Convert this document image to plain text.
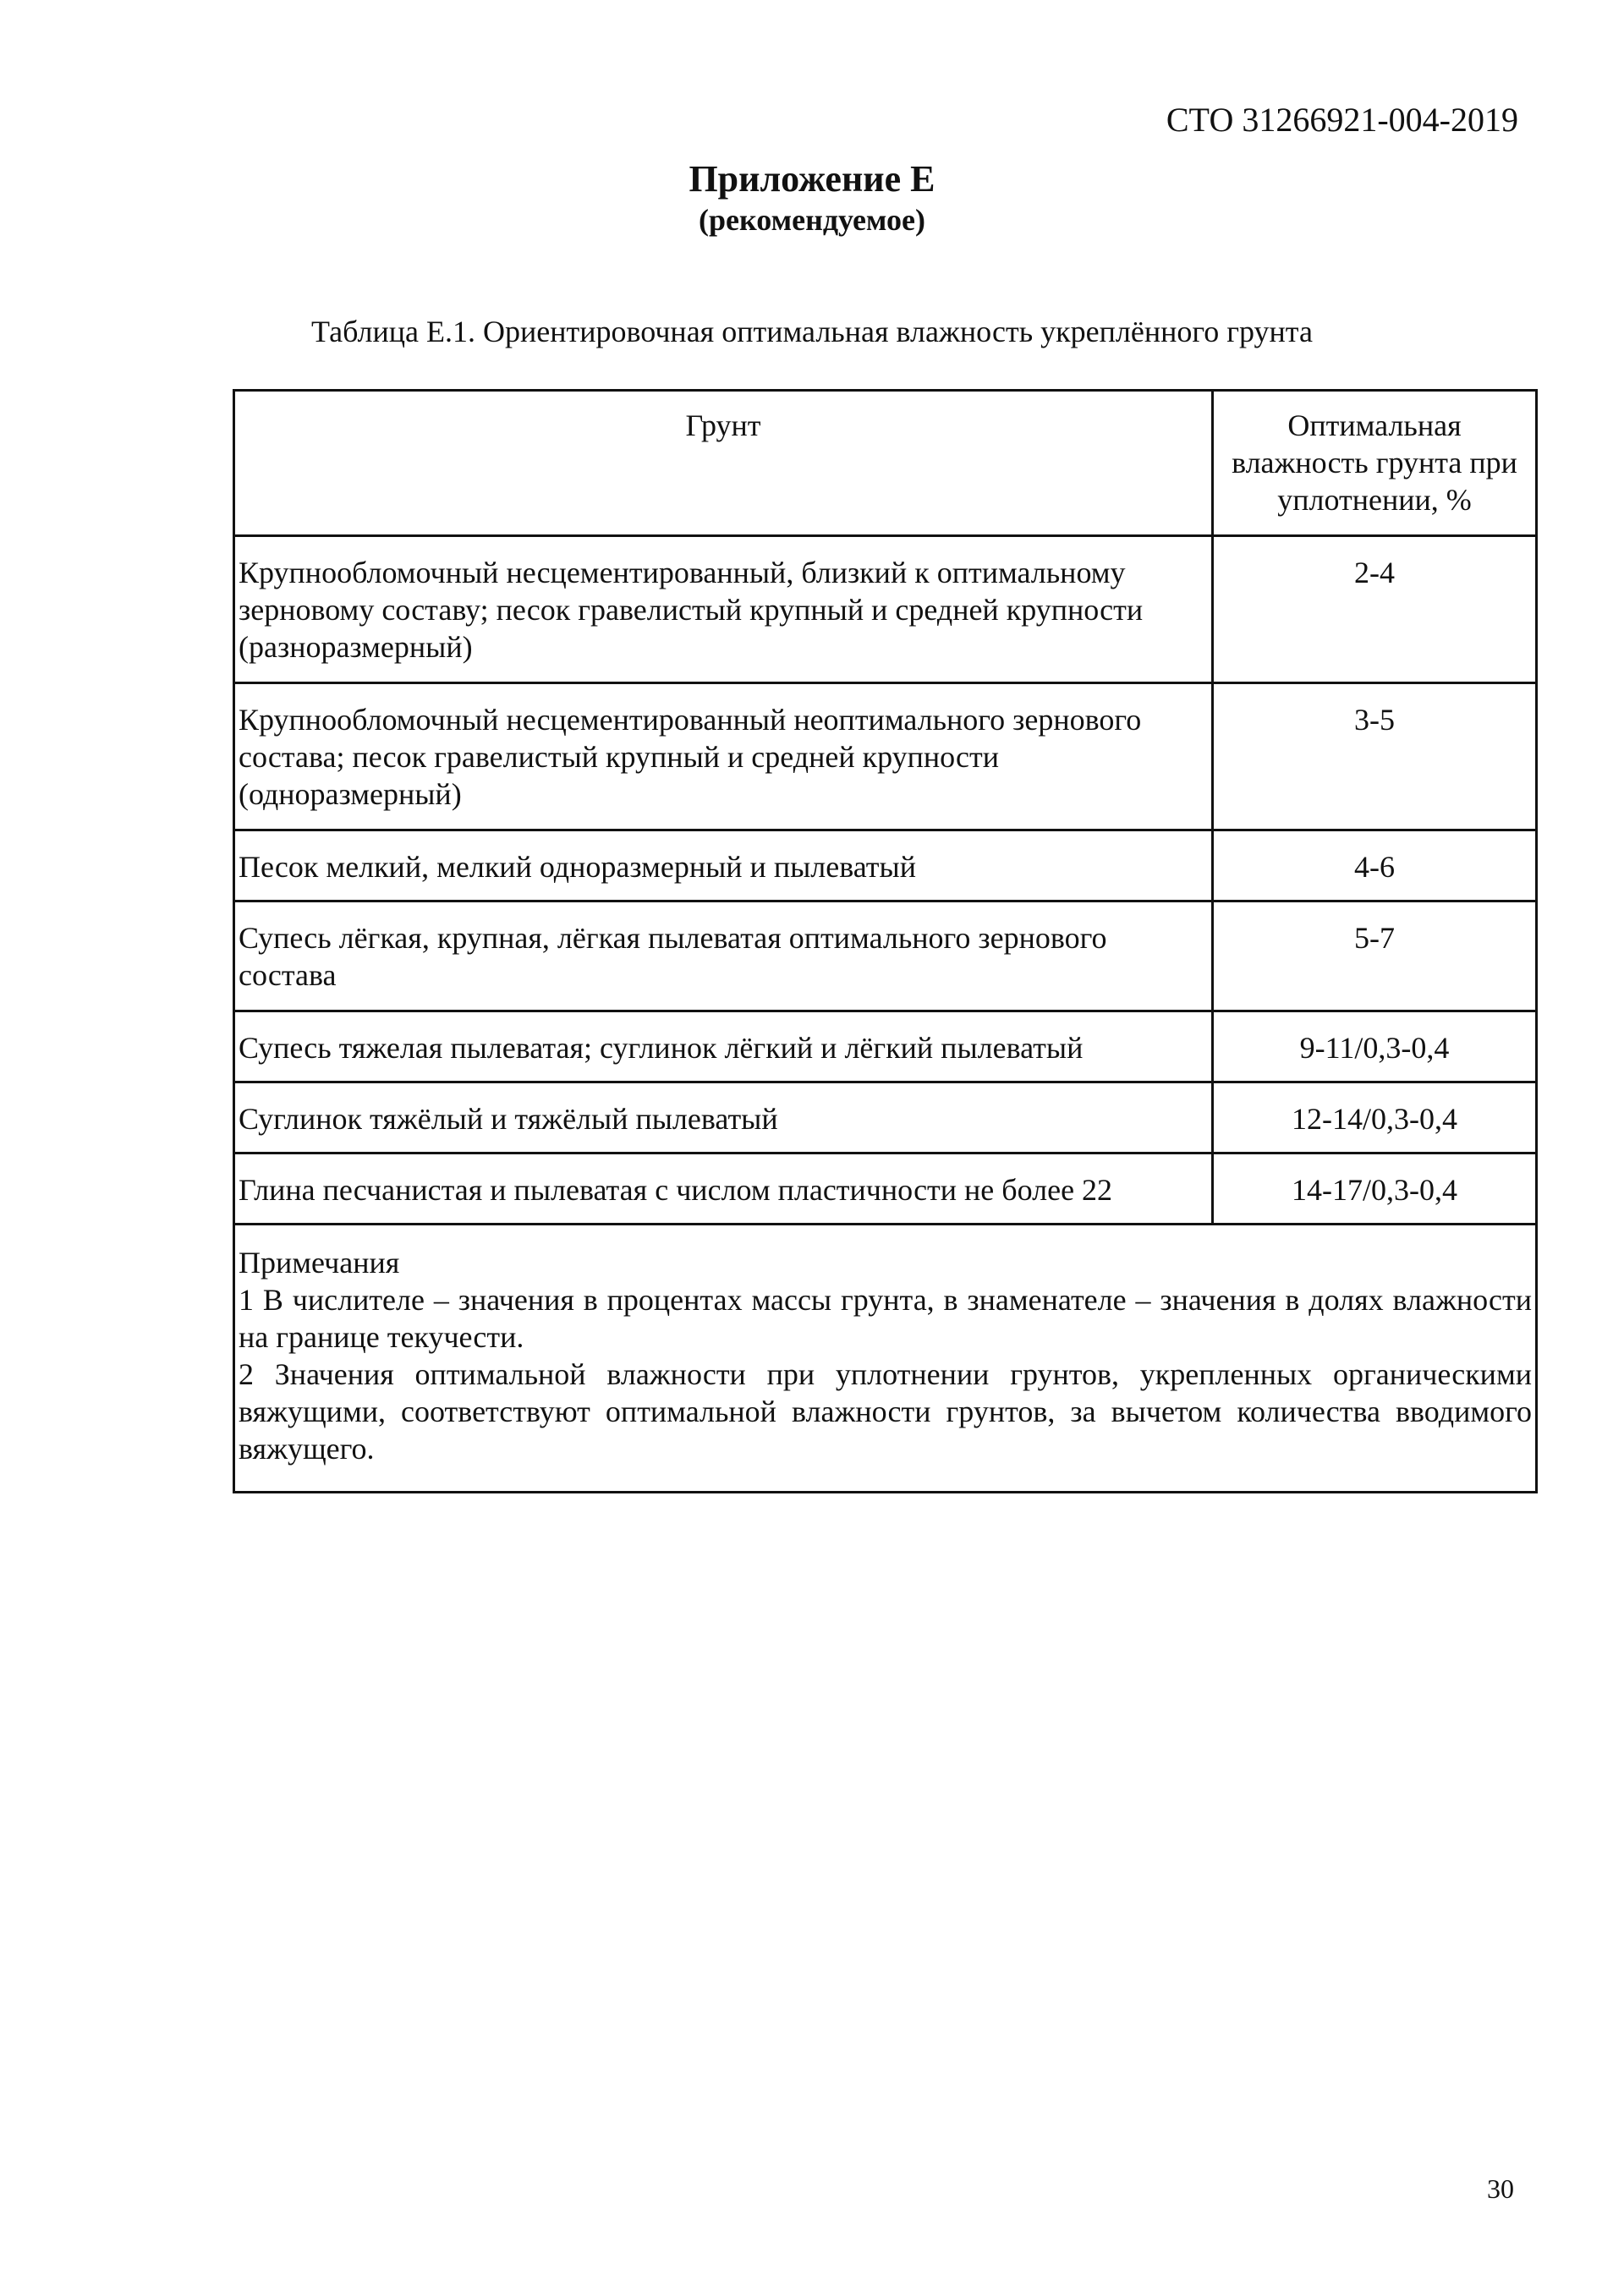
СТО 31266921-004-2019
Приложение Е
(рекомендуемое)
Таблица Е.1. Ориентировочная оптимальная влажность укреплённого грунта
Грунт	Оптимальная влажность грунта при уплотнении, %
Крупнообломочный несцементированный, близкий к оптимальному зерновому составу; песок гравелистый крупный и средней крупности (разноразмерный)	2-4
Крупнообломочный несцементированный неоптимального зернового состава; песок гравелистый крупный и средней крупности (одноразмерный)	3-5
Песок мелкий, мелкий одноразмерный и пылеватый	4-6
Супесь лёгкая, крупная, лёгкая пылеватая оптимального зернового состава	5-7
Супесь тяжелая пылеватая; суглинок лёгкий и лёгкий пылеватый	9-11/0,3-0,4
Суглинок тяжёлый и тяжёлый пылеватый	12-14/0,3-0,4
Глина песчанистая и пылеватая с числом пластичности не более 22	14-17/0,3-0,4

Примечания
1 В числителе – значения в процентах массы грунта, в знаменателе – значения в долях влажности на границе текучести.
2 Значения оптимальной влажности при уплотнении грунтов, укрепленных органическими вяжущими, соответствуют оптимальной влажности грунтов, за вычетом количества вводимого вяжущего.	
30
